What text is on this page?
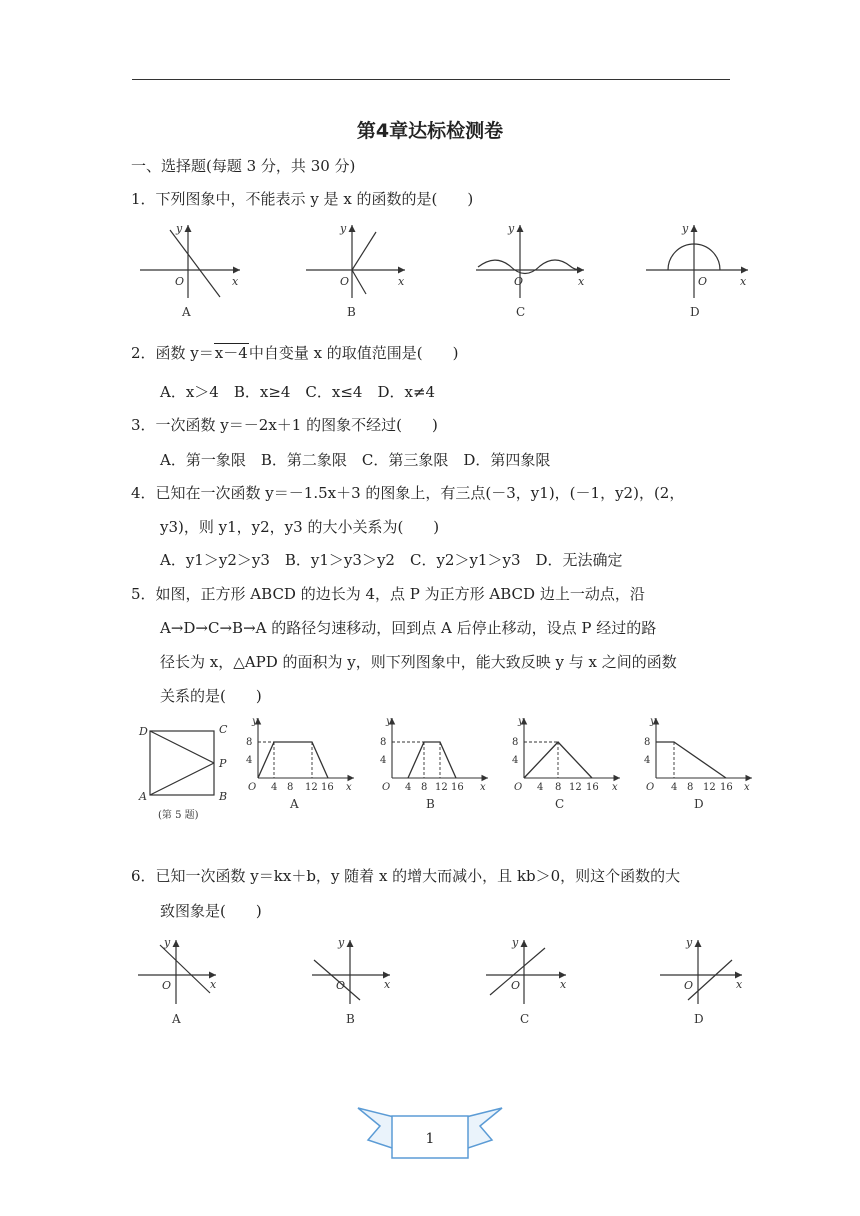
第4章达标检测卷
一、选择题(每题 3 分，共 30 分)
1．下列图象中，不能表示 y 是 x 的函数的是(　　)
y
x
O
y
x
O
y
x
O
y
x
O
A	B	C	D
2．函数 y＝x－4中自变量 x 的取值范围是(　　)
A．x＞4　B．x≥4　C．x≤4　D．x≠4
3．一次函数 y＝－2x＋1 的图象不经过(　　)
A．第一象限　B．第二象限　C．第三象限　D．第四象限
4．已知在一次函数 y＝－1.5x＋3 的图象上，有三点(－3，y1)，(－1，y2)，(2，
y3)，则 y1，y2，y3 的大小关系为(　　)
A．y1＞y2＞y3　B．y1＞y3＞y2　C．y2＞y1＞y3　D．无法确定
5．如图，正方形 ABCD 的边长为 4，点 P 为正方形 ABCD 边上一动点，沿
A→D→C→B→A 的路径匀速移动，回到点 A 后停止移动，设点 P 经过的路
径长为 x，△APD 的面积为 y，则下列图象中，能大致反映 y 与 x 之间的函数
关系的是(　　)
D	C
P
A	B
(第 5 题)
8
4
O 4 8 12 16 x
y
8
4
O 4 8 12 16 x
y
8
4
O 4 8 12 16 x
y
8
4
O 4 8 12 16 x
y
A	B	C	D
6．已知一次函数 y＝kx＋b，y 随着 x 的增大而减小，且 kb＞0，则这个函数的大
致图象是(　　)
y
x
O
y
x
O
y
x
O
y
x
O
A	B	C	D
1
